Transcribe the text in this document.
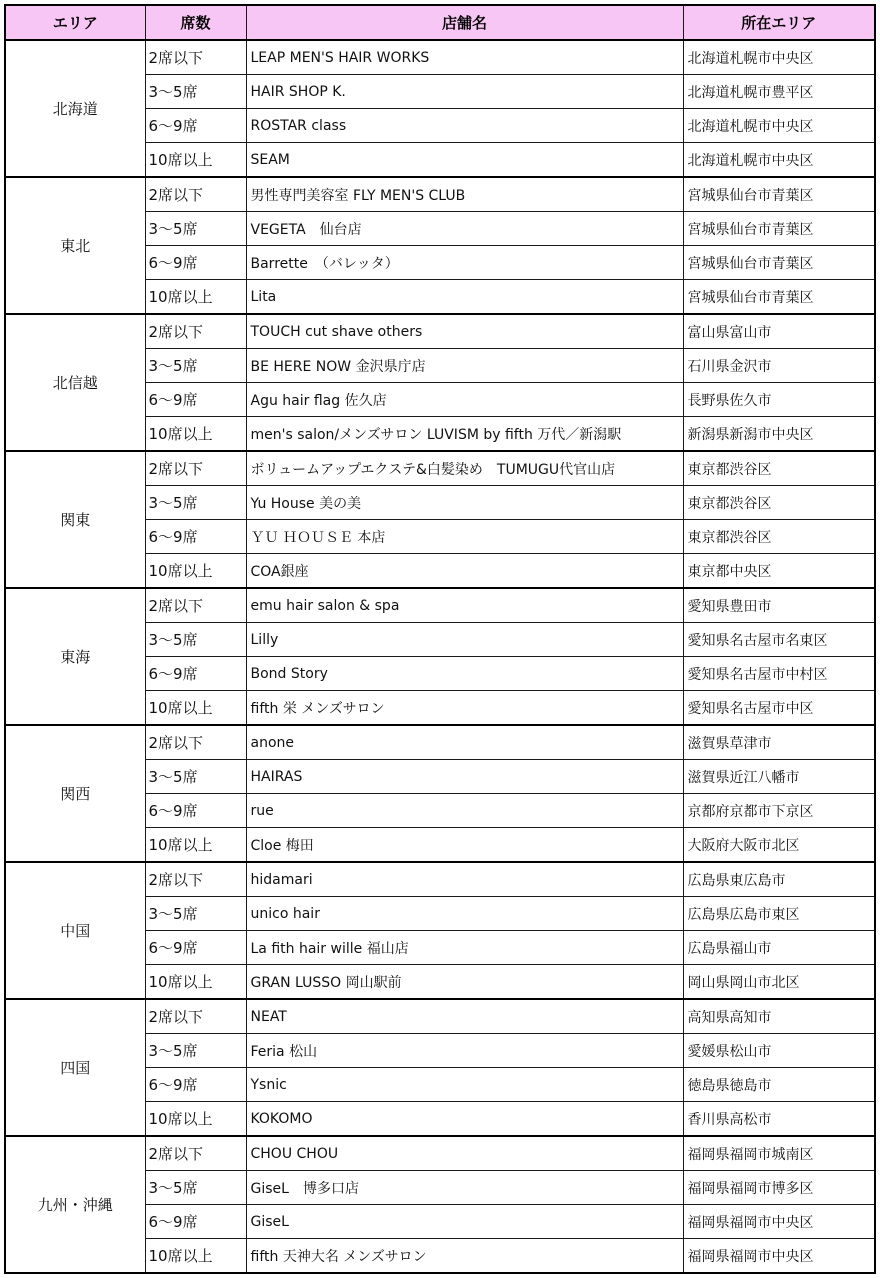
エリア	席数	店舗名	所在エリア
北海道	2席以下	LEAP MEN'S HAIR WORKS	北海道札幌市中央区
	3～5席	HAIR SHOP K.	北海道札幌市豊平区
	6～9席	ROSTAR class	北海道札幌市中央区
	10席以上	SEAM	北海道札幌市中央区
東北	2席以下	男性専門美容室 FLY MEN'S CLUB	宮城県仙台市青葉区
	3～5席	VEGETA　仙台店	宮城県仙台市青葉区
	6～9席	Barrette　（バレッタ）	宮城県仙台市青葉区
	10席以上	Lita	宮城県仙台市青葉区
北信越	2席以下	TOUCH cut shave others	富山県富山市
	3～5席	BE HERE NOW 金沢県庁店	石川県金沢市
	6～9席	Agu hair flag 佐久店	長野県佐久市
	10席以上	men's salon/メンズサロン LUVISM by fifth 万代／新潟駅	新潟県新潟市中央区
関東	2席以下	ボリュームアップエクステ&白髪染め　TUMUGU代官山店	東京都渋谷区
	3～5席	Yu House 美の美	東京都渋谷区
	6～9席	ＹＵ ＨＯＵＳＥ 本店	東京都渋谷区
	10席以上	COA銀座	東京都中央区
東海	2席以下	emu hair salon & spa	愛知県豊田市
	3～5席	Lilly	愛知県名古屋市名東区
	6～9席	Bond Story	愛知県名古屋市中村区
	10席以上	fifth 栄 メンズサロン	愛知県名古屋市中区
関西	2席以下	anone	滋賀県草津市
	3～5席	HAIRAS	滋賀県近江八幡市
	6～9席	rue	京都府京都市下京区
	10席以上	Cloe 梅田	大阪府大阪市北区
中国	2席以下	hidamari	広島県東広島市
	3～5席	unico hair	広島県広島市東区
	6～9席	La fith hair wille 福山店	広島県福山市
	10席以上	GRAN LUSSO 岡山駅前	岡山県岡山市北区
四国	2席以下	NEAT	高知県高知市
	3～5席	Feria 松山	愛媛県松山市
	6～9席	Ysnic	徳島県徳島市
	10席以上	KOKOMO	香川県高松市
九州・沖縄	2席以下	CHOU CHOU	福岡県福岡市城南区
	3～5席	GiseL　博多口店	福岡県福岡市博多区
	6～9席	GiseL	福岡県福岡市中央区
	10席以上	fifth 天神大名 メンズサロン	福岡県福岡市中央区
